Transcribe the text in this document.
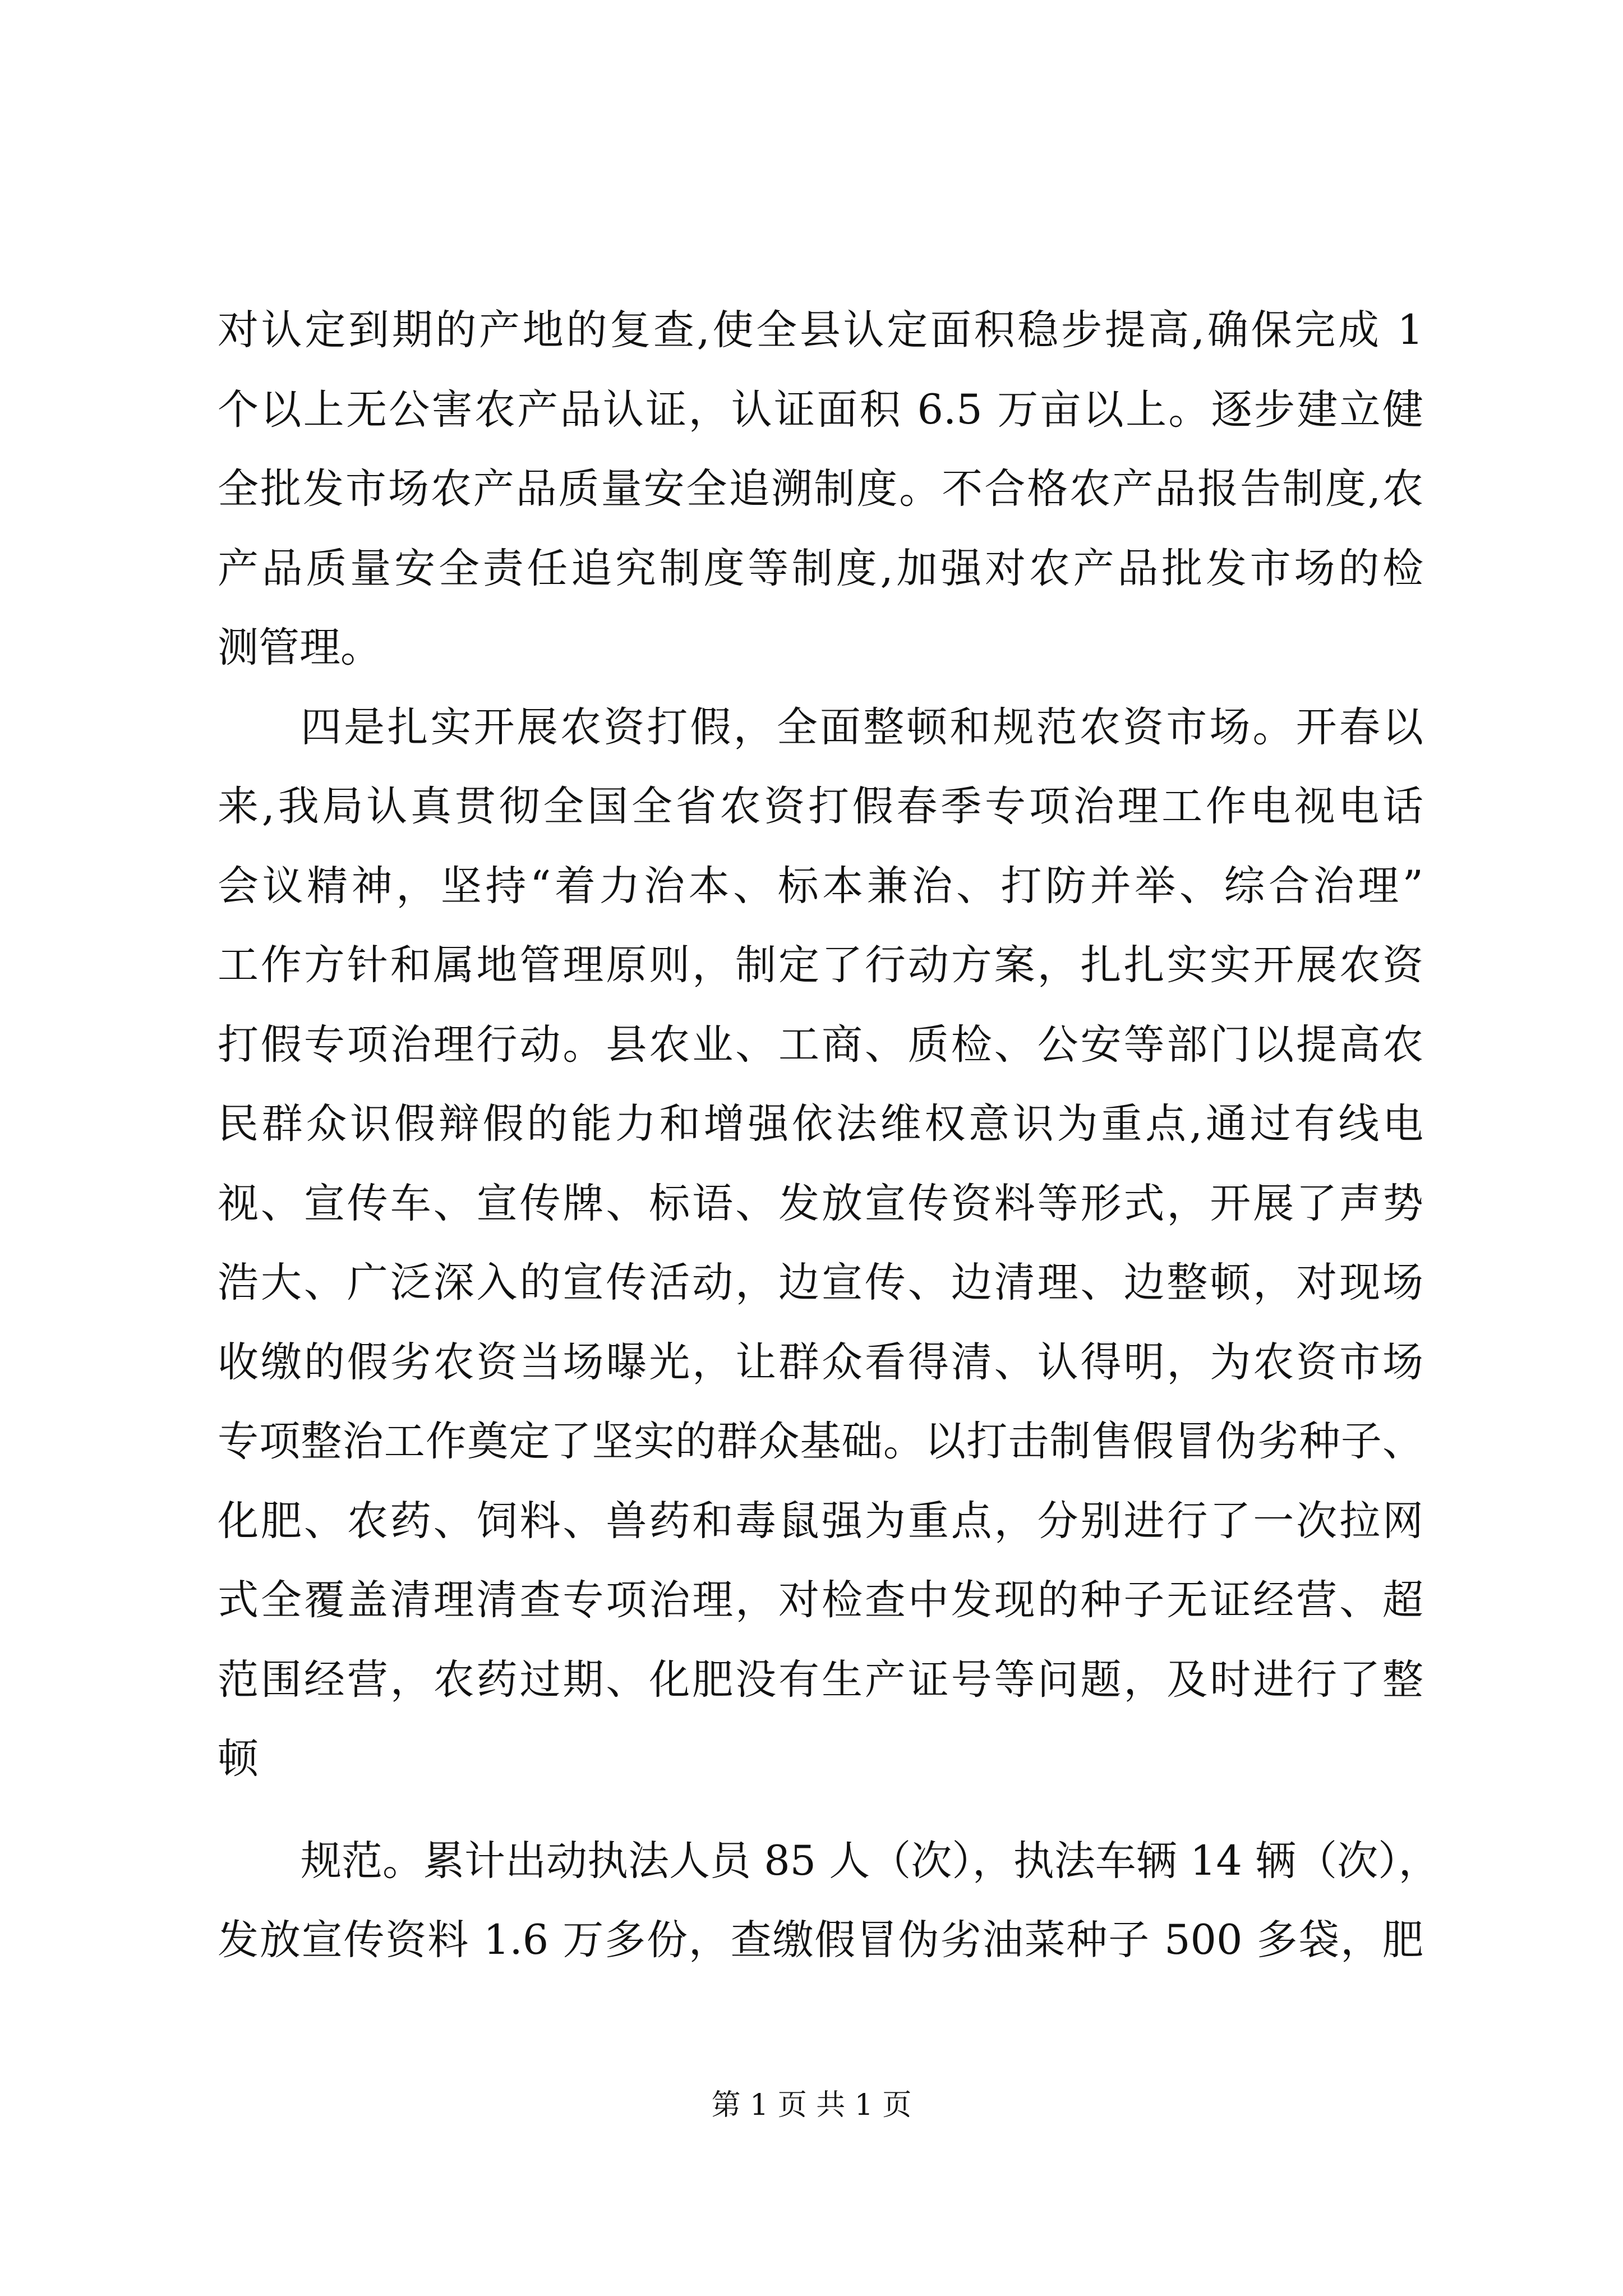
对认定到期的产地的复查,使全县认定面积稳步提高,确保完成 1
个以上无公害农产品认证，认证面积 6.5 万亩以上。逐步建立健
全批发市场农产品质量安全追溯制度。不合格农产品报告制度,农
产品质量安全责任追究制度等制度,加强对农产品批发市场的检
测管理。
四是扎实开展农资打假，全面整顿和规范农资市场。开春以
来,我局认真贯彻全国全省农资打假春季专项治理工作电视电话
会议精神，坚持“着力治本、标本兼治、打防并举、综合治理”
工作方针和属地管理原则，制定了行动方案，扎扎实实开展农资
打假专项治理行动。县农业、工商、质检、公安等部门以提高农
民群众识假辩假的能力和增强依法维权意识为重点,通过有线电
视、宣传车、宣传牌、标语、发放宣传资料等形式，开展了声势
浩大、广泛深入的宣传活动，边宣传、边清理、边整顿，对现场
收缴的假劣农资当场曝光，让群众看得清、认得明，为农资市场
专项整治工作奠定了坚实的群众基础。以打击制售假冒伪劣种子、
化肥、农药、饲料、兽药和毒鼠强为重点，分别进行了一次拉网
式全覆盖清理清查专项治理，对检查中发现的种子无证经营、超
范围经营，农药过期、化肥没有生产证号等问题，及时进行了整
顿
规范。累计出动执法人员 85 人（次），执法车辆 14 辆（次），
发放宣传资料 1.6 万多份，查缴假冒伪劣油菜种子 500 多袋，肥
第 1 页 共 1 页
